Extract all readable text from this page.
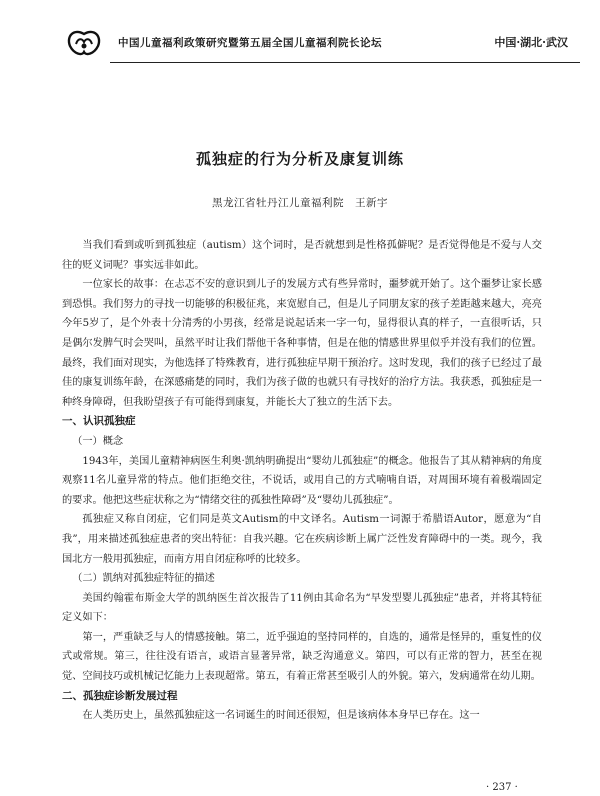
中国儿童福利政策研究暨第五届全国儿童福利院长论坛	中国·湖北·武汉
孤独症的行为分析及康复训练
黑龙江省牡丹江儿童福利院　王新宇

当我们看到或听到孤独症（autism）这个词时，是否就想到是性格孤僻呢？是否觉得他是不爱与人交往的贬义词呢？事实远非如此。

一位家长的故事：在忐忑不安的意识到儿子的发展方式有些异常时，噩梦就开始了。这个噩梦让家长感到恐惧。我们努力的寻找一切能够的积极征兆，来宽慰自己，但是儿子同朋友家的孩子差距越来越大，亮亮今年5岁了，是个外表十分清秀的小男孩，经常是说起话来一字一句，显得很认真的样子，一直很听话，只是偶尔发脾气时会哭叫，虽然平时让我们帮他干各种事情，但是在他的情感世界里似乎并没有我们的位置。最终，我们面对现实，为他选择了特殊教育，进行孤独症早期干预治疗。这时发现，我们的孩子已经过了最佳的康复训练年龄，在深感痛楚的同时，我们为孩子做的也就只有寻找好的治疗方法。我获悉，孤独症是一种终身障碍，但我盼望孩子有可能得到康复，并能长大了独立的生活下去。

一、认识孤独症
（一）概念

1943年，美国儿童精神病医生利奥·凯纳明确提出“婴幼儿孤独症”的概念。他报告了其从精神病的角度观察11名儿童异常的特点。他们拒绝交往，不说话，或用自己的方式喃喃自语，对周围环境有着极端固定的要求。他把这些症状称之为“情绪交往的孤独性障碍”及“婴幼儿孤独症”。

孤独症又称自闭症，它们同是英文Autism的中文译名。Autism一词源于希腊语Autor，愿意为“自我”，用来描述孤独症患者的突出特征：自我兴趣。它在疾病诊断上属广泛性发育障碍中的一类。现今，我国北方一般用孤独症，而南方用自闭症称呼的比较多。

（二）凯纳对孤独症特征的描述

美国约翰霍布斯金大学的凯纳医生首次报告了11例由其命名为“早发型婴儿孤独症”患者，并将其特征定义如下：

第一，严重缺乏与人的情感接触。第二，近乎强迫的坚持同样的，自选的，通常是怪异的，重复性的仪式或常规。第三，往往没有语言，或语言显著异常，缺乏沟通意义。第四，可以有正常的智力，甚至在视觉、空间技巧或机械记忆能力上表现超常。第五，有着正常甚至吸引人的外貌。第六，发病通常在幼儿期。

二、孤独症诊断发展过程

在人类历史上，虽然孤独症这一名词诞生的时间还很短，但是该病体本身早已存在。这一

· 237 ·
